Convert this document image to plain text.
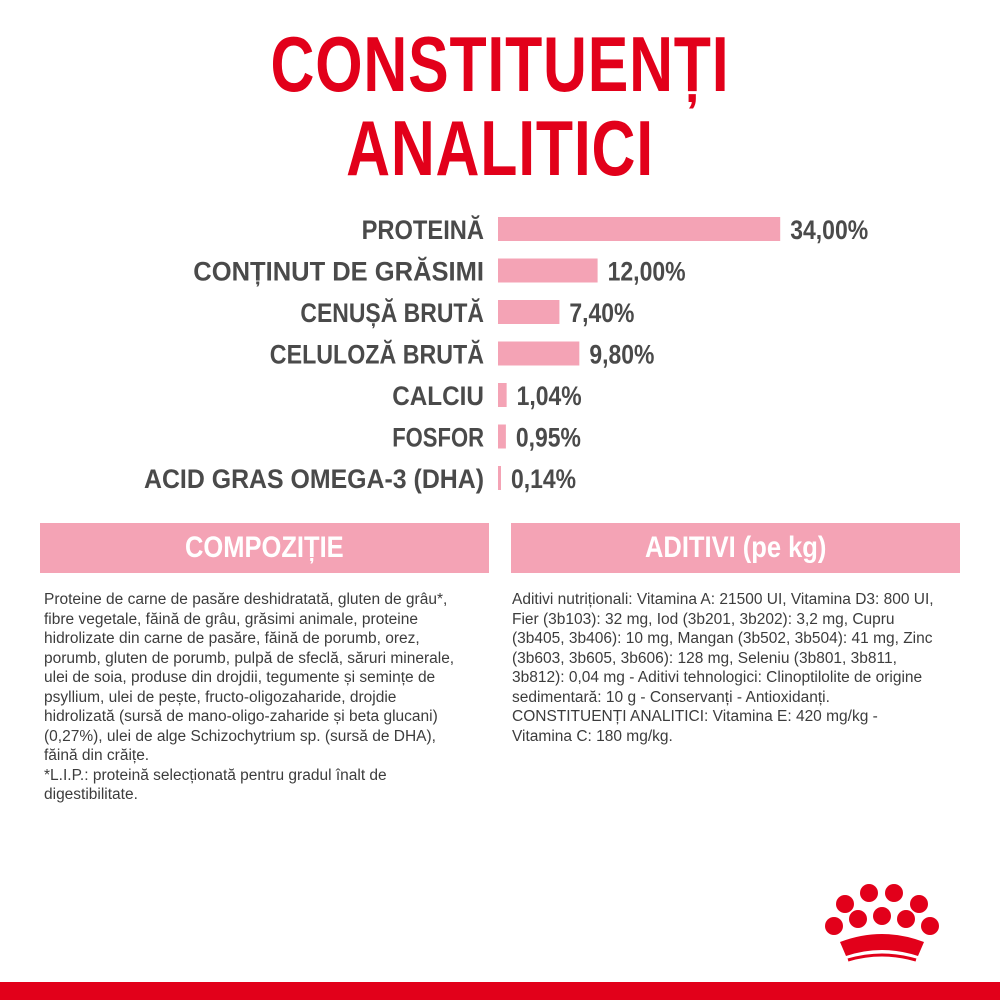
CONSTITUENȚI ANALITICI
PROTEINĂ	34,00%
CONȚINUT DE GRĂSIMI	12,00%
CENUȘĂ BRUTĂ 7,40%
CELULOZĂ BRUTĂ	9,80%
CALCIU 1,04%
FOSFOR 0,95%
ACID GRAS OMEGA-3 (DHA) 0,14%
COMPOZIȚIE	ADITIVI (pe kg)

Proteine de carne de pasăre deshidratată, gluten de grâu*, fibre vegetale, făină de grâu, grăsimi animale, proteine hidrolizate din carne de pasăre, făină de porumb, orez, porumb, gluten de porumb, pulpă de sfeclă, săruri minerale, ulei de soia, produse din drojdii, tegumente și semințe de psyllium, ulei de pește, fructo-oligozaharide, drojdie hidrolizată (sursă de mano-oligo-zaharide și beta glucani) (0,27%), ulei de alge Schizochytrium sp. (sursă de DHA), făină din crăițe.

*L.I.P.: proteină selecționată pentru gradul înalt de digestibilitate.

Aditivi nutriționali: Vitamina A: 21500 UI, Vitamina D3: 800 UI, Fier (3b103): 32 mg, Iod (3b201, 3b202): 3,2 mg, Cupru (3b405, 3b406): 10 mg, Mangan (3b502, 3b504): 41 mg, Zinc (3b603, 3b605, 3b606): 128 mg, Seleniu (3b801, 3b811, 3b812): 0,04 mg - Aditivi tehnologici: Clinoptilolite de origine sedimentară: 10 g - Conservanți - Antioxidanți. CONSTITUENȚI ANALITICI: Vitamina E: 420 mg/kg - Vitamina C: 180 mg/kg.
